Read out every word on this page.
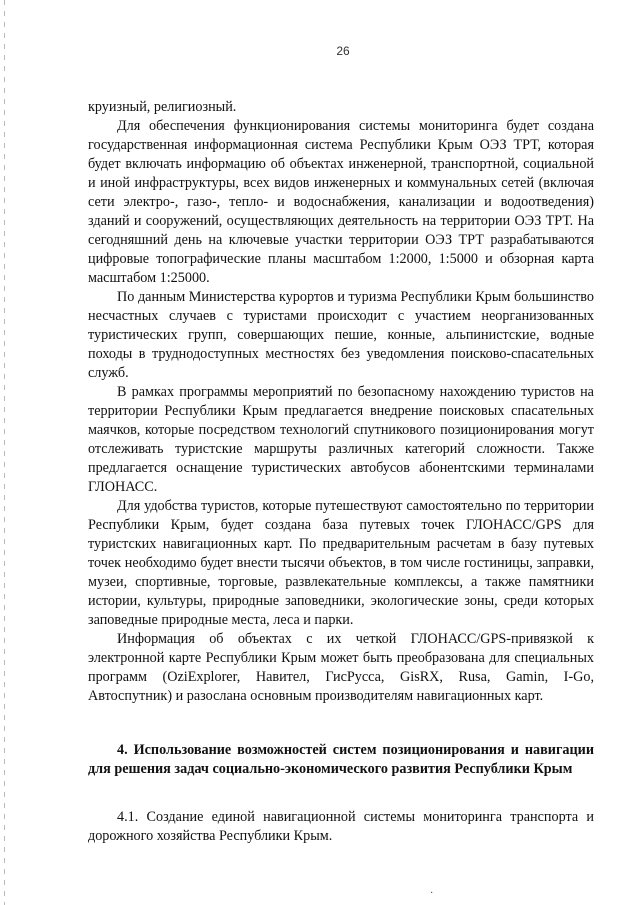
26

круизный, религиозный.

Для обеспечения функционирования системы мониторинга будет создана государственная информационная система Республики Крым ОЭЗ ТРТ, которая будет включать информацию об объектах инженерной, транспортной, социальной и иной инфраструктуры, всех видов инженерных и коммунальных сетей (включая сети электро-, газо-, тепло- и водоснабжения, канализации и водоотведения) зданий и сооружений, осуществляющих деятельность на территории ОЭЗ ТРТ. На сегодняшний день на ключевые участки территории ОЭЗ ТРТ разрабатываются цифровые топографические планы масштабом 1:2000, 1:5000 и обзорная карта масштабом 1:25000.

По данным Министерства курортов и туризма Республики Крым большинство несчастных случаев с туристами происходит с участием неорганизованных туристических групп, совершающих пешие, конные, альпинистские, водные походы в труднодоступных местностях без уведомления поисково-спасательных служб.

В рамках программы мероприятий по безопасному нахождению туристов на территории Республики Крым предлагается внедрение поисковых спасательных маячков, которые посредством технологий спутникового позиционирования могут отслеживать туристские маршруты различных категорий сложности. Также предлагается оснащение туристических автобусов абонентскими терминалами ГЛОНАСС.

Для удобства туристов, которые путешествуют самостоятельно по территории Республики Крым, будет создана база путевых точек ГЛОНАСС/GPS для туристских навигационных карт. По предварительным расчетам в базу путевых точек необходимо будет внести тысячи объектов, в том числе гостиницы, заправки, музеи, спортивные, торговые, развлекательные комплексы, а также памятники истории, культуры, природные заповедники, экологические зоны, среди которых заповедные природные места, леса и парки.

Информация об объектах с их четкой ГЛОНАСС/GPS-привязкой к электронной карте Республики Крым может быть преобразована для специальных программ (OziExplorer, Навител, ГисРусса, GisRX, Rusa, Gamin, I-Go, Автоспутник) и разослана основным производителям навигационных карт.

4. Использование возможностей систем позиционирования и навигации для решения задач социально-экономического развития Республики Крым

4.1. Создание единой навигационной системы мониторинга транспорта и дорожного хозяйства Республики Крым.

·
